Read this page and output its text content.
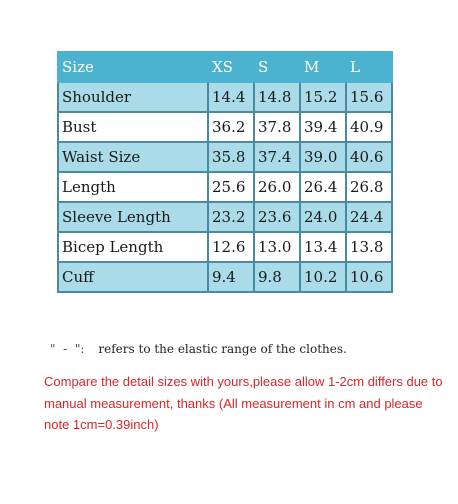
Size	XS	S	M	L
Shoulder	14.4	14.8	15.2	15.6
Bust	36.2	37.8	39.4	40.9
Waist Size	35.8	37.4	39.0	40.6
Length	25.6	26.0	26.4	26.8
Sleeve Length	23.2	23.6	24.0	24.4
Bicep Length	12.6	13.0	13.4	13.8
Cuff	9.4	9.8	10.2	10.6
"  -  ": refers to the elastic range of the clothes.
Compare the detail sizes with yours,please allow 1-2cm differs due to manual measurement, thanks (All measurement in cm and please note 1cm=0.39inch)
